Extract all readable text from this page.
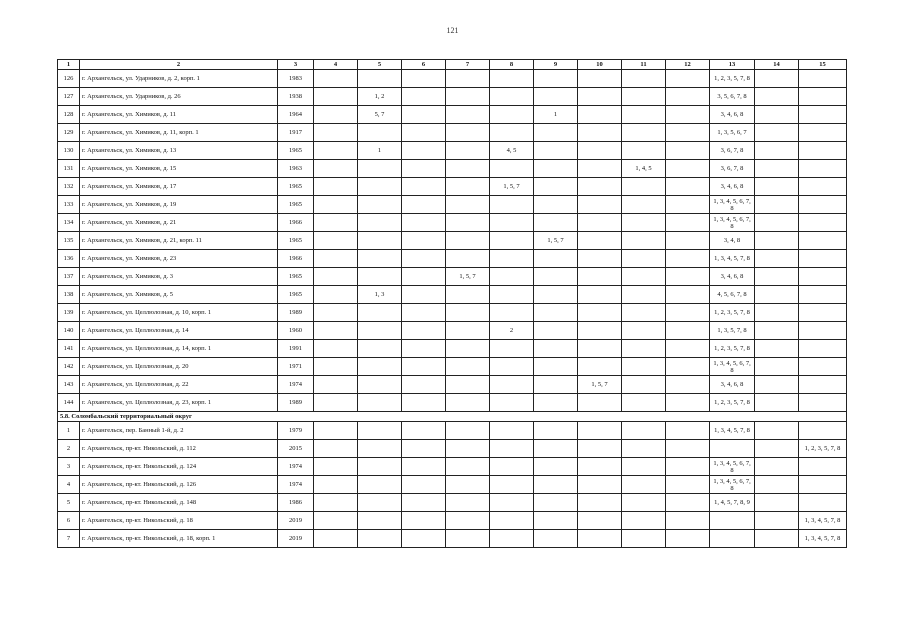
121
1	2	3	4	5	6	7	8	9	10	11	12	13	14	15
126	г. Архангельск, ул. Ударников, д. 2, корп. 1	1983										1, 2, 3, 5, 7, 8		
127	г. Архангельск, ул. Ударников, д. 26	1938		1, 2								3, 5, 6, 7, 8		
128	г. Архангельск, ул. Химиков, д. 11	1964		5, 7				1				3, 4, 6, 8		
129	г. Архангельск, ул. Химиков, д. 11, корп. 1	1917										1, 3, 5, 6, 7		
130	г. Архангельск, ул. Химиков, д. 13	1965		1			4, 5					3, 6, 7, 8		
131	г. Архангельск, ул. Химиков, д. 15	1963								1, 4, 5		3, 6, 7, 8		
132	г. Архангельск, ул. Химиков, д. 17	1965					1, 5, 7					3, 4, 6, 8		
133	г. Архангельск, ул. Химиков, д. 19	1965										1, 3, 4, 5, 6, 7, 8		
134	г. Архангельск, ул. Химиков, д. 21	1966										1, 3, 4, 5, 6, 7, 8		
135	г. Архангельск, ул. Химиков, д. 21, корп. 11	1965						1, 5, 7				3, 4, 8		
136	г. Архангельск, ул. Химиков, д. 23	1966										1, 3, 4, 5, 7, 8		
137	г. Архангельск, ул. Химиков, д. 3	1965				1, 5, 7						3, 4, 6, 8		
138	г. Архангельск, ул. Химиков, д. 5	1965		1, 3								4, 5, 6, 7, 8		
139	г. Архангельск, ул. Целлюлозная, д. 10, корп. 1	1989										1, 2, 3, 5, 7, 8		
140	г. Архангельск, ул. Целлюлозная, д. 14	1960					2					1, 3, 5, 7, 8		
141	г. Архангельск, ул. Целлюлозная, д. 14, корп. 1	1991										1, 2, 3, 5, 7, 8		
142	г. Архангельск, ул. Целлюлозная, д. 20	1971										1, 3, 4, 5, 6, 7, 8		
143	г. Архангельск, ул. Целлюлозная, д. 22	1974							1, 5, 7			3, 4, 6, 8		
144	г. Архангельск, ул. Целлюлозная, д. 23, корп. 1	1989										1, 2, 3, 5, 7, 8		
5.8. Соломбальский территориальный округ														
1	г. Архангельск, пер. Банный 1-й, д. 2	1979										1, 3, 4, 5, 7, 8		
2	г. Архангельск, пр-кт. Никольский, д. 112	2015												1, 2, 3, 5, 7, 8
3	г. Архангельск, пр-кт. Никольский, д. 124	1974										1, 3, 4, 5, 6, 7, 8		
4	г. Архангельск, пр-кт. Никольский, д. 126	1974										1, 3, 4, 5, 6, 7, 8		
5	г. Архангельск, пр-кт. Никольский, д. 148	1986										1, 4, 5, 7, 8, 9		
6	г. Архангельск, пр-кт. Никольский, д. 18	2019												1, 3, 4, 5, 7, 8
7	г. Архангельск, пр-кт. Никольский, д. 18, корп. 1	2019												1, 3, 4, 5, 7, 8
